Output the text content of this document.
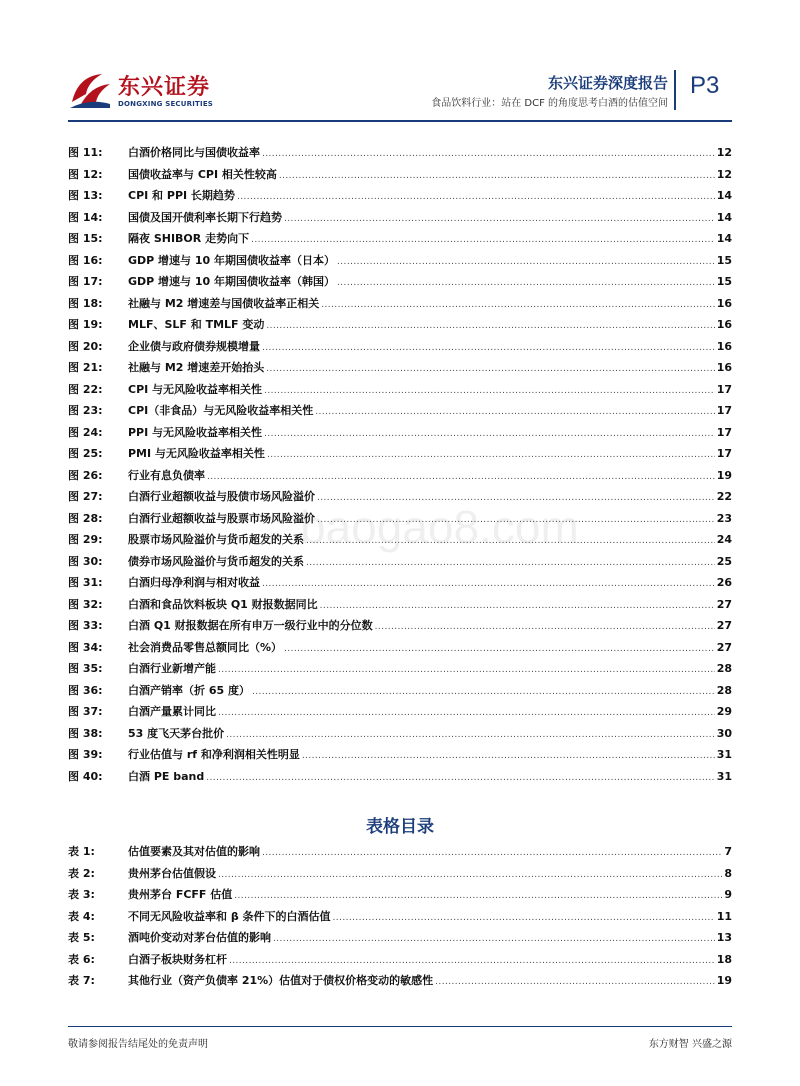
东兴证券
DONGXING SECURITIES
东兴证券深度报告
食品饮料行业：站在 DCF 的角度思考白酒的估值空间
P3
baogao8.com
图 11:	白酒价格同比与国债收益率 .....	12
图 12:	国债收益率与 CPI 相关性较高 .....	12
图 13:	CPI 和 PPI 长期趋势 .....	14
图 14:	国债及国开债利率长期下行趋势 .....	14
图 15:	隔夜 SHIBOR 走势向下 .....	14
图 16:	GDP 增速与 10 年期国债收益率（日本） .....	15
图 17:	GDP 增速与 10 年期国债收益率（韩国） .....	15
图 18:	社融与 M2 增速差与国债收益率正相关 .....	16
图 19:	MLF、SLF 和 TMLF 变动 .....	16
图 20:	企业债与政府债券规模增量 .....	16
图 21:	社融与 M2 增速差开始抬头 .....	16
图 22:	CPI 与无风险收益率相关性 .....	17
图 23:	CPI（非食品）与无风险收益率相关性 .....	17
图 24:	PPI 与无风险收益率相关性 .....	17
图 25:	PMI 与无风险收益率相关性 .....	17
图 26:	行业有息负债率 .....	19
图 27:	白酒行业超额收益与股债市场风险溢价 .....	22
图 28:	白酒行业超额收益与股票市场风险溢价 .....	23
图 29:	股票市场风险溢价与货币超发的关系 .....	24
图 30:	债券市场风险溢价与货币超发的关系 .....	25
图 31:	白酒归母净利润与相对收益 .....	26
图 32:	白酒和食品饮料板块 Q1 财报数据同比 .....	27
图 33:	白酒 Q1 财报数据在所有申万一级行业中的分位数 .....	27
图 34:	社会消费品零售总额同比（%） .....	27
图 35:	白酒行业新增产能 .....	28
图 36:	白酒产销率（折 65 度） .....	28
图 37:	白酒产量累计同比 .....	29
图 38:	53 度飞天茅台批价 .....	30
图 39:	行业估值与 rf 和净利润相关性明显 .....	31
图 40:	白酒 PE band .....	31
表格目录
表 1:	估值要素及其对估值的影响 .....	7
表 2:	贵州茅台估值假设 .....	8
表 3:	贵州茅台 FCFF 估值 .....	9
表 4:	不同无风险收益率和 β 条件下的白酒估值 .....	11
表 5:	酒吨价变动对茅台估值的影响 .....	13
表 6:	白酒子板块财务杠杆 .....	18
表 7:	其他行业（资产负债率 21%）估值对于债权价格变动的敏感性 .....	19
敬请参阅报告结尾处的免责声明	东方财智 兴盛之源
